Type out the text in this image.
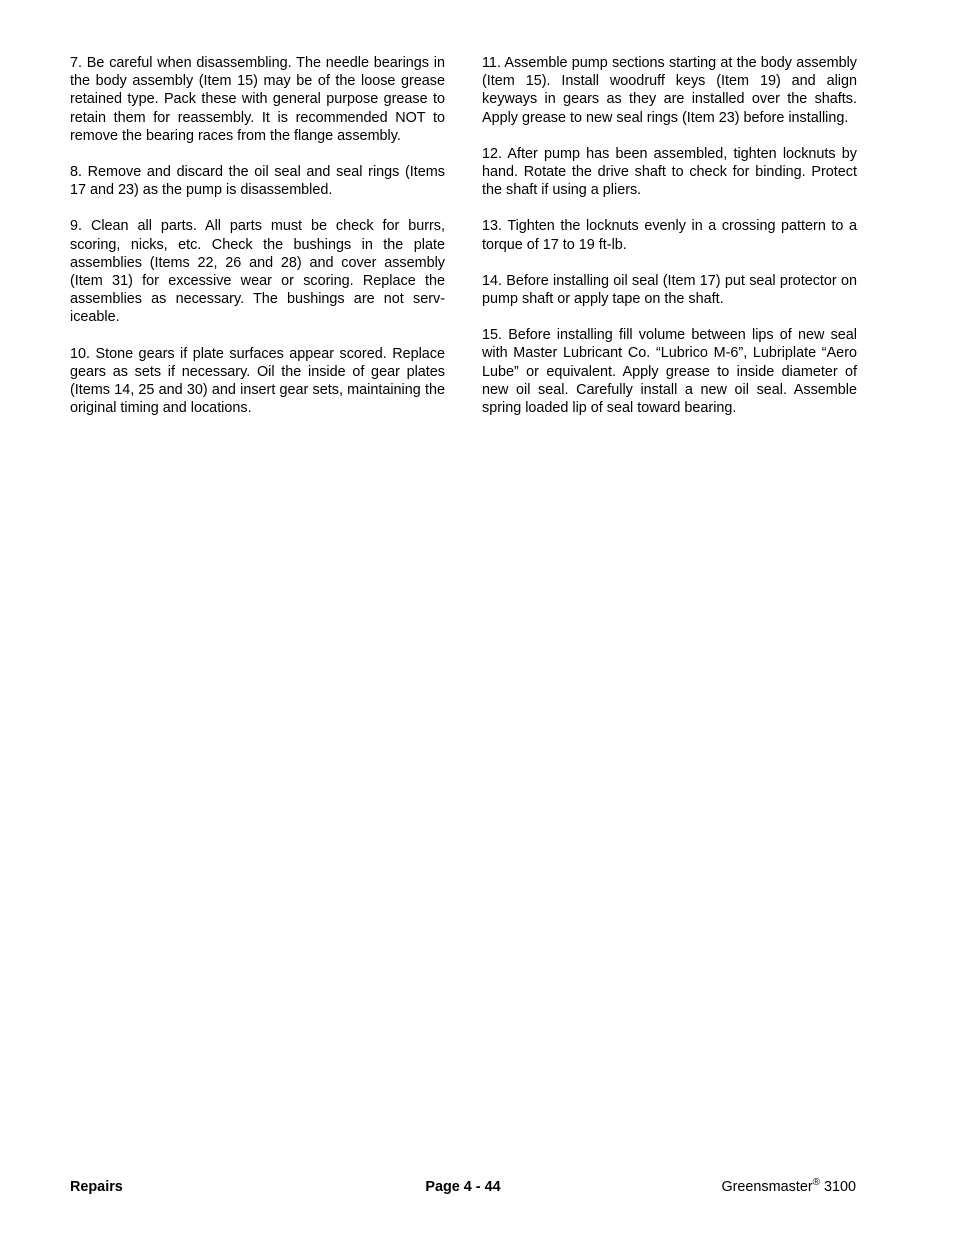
7. Be careful when disassembling. The needle bearings in the body assembly (Item 15) may be of the loose grease retained type. Pack these with general purpose grease to retain them for reassembly. It is recommended NOT to remove the bearing races from the flange assembly.

8. Remove and discard the oil seal and seal rings (Items 17 and 23) as the pump is disassembled.

9. Clean all parts. All parts must be check for burrs, scoring, nicks, etc. Check the bushings in the plate assemblies (Items 22, 26 and 28) and cover assembly (Item 31) for excessive wear or scoring. Replace the assemblies as necessary. The bushings are not serviceable.

10. Stone gears if plate surfaces appear scored. Replace gears as sets if necessary. Oil the inside of gear plates (Items 14, 25 and 30) and insert gear sets, maintaining the original timing and locations.

11. Assemble pump sections starting at the body assembly (Item 15). Install woodruff keys (Item 19) and align keyways in gears as they are installed over the shafts. Apply grease to new seal rings (Item 23) before installing.

12. After pump has been assembled, tighten locknuts by hand. Rotate the drive shaft to check for binding. Protect the shaft if using a pliers.

13. Tighten the locknuts evenly in a crossing pattern to a torque of 17 to 19 ft-lb.

14. Before installing oil seal (Item 17) put seal protector on pump shaft or apply tape on the shaft.

15. Before installing fill volume between lips of new seal with Master Lubricant Co. “Lubrico M-6”, Lubriplate “Aero Lube” or equivalent. Apply grease to inside diameter of new oil seal. Carefully install a new oil seal. Assemble spring loaded lip of seal toward bearing.

Repairs	Page 4 - 44	Greensmaster® 3100
